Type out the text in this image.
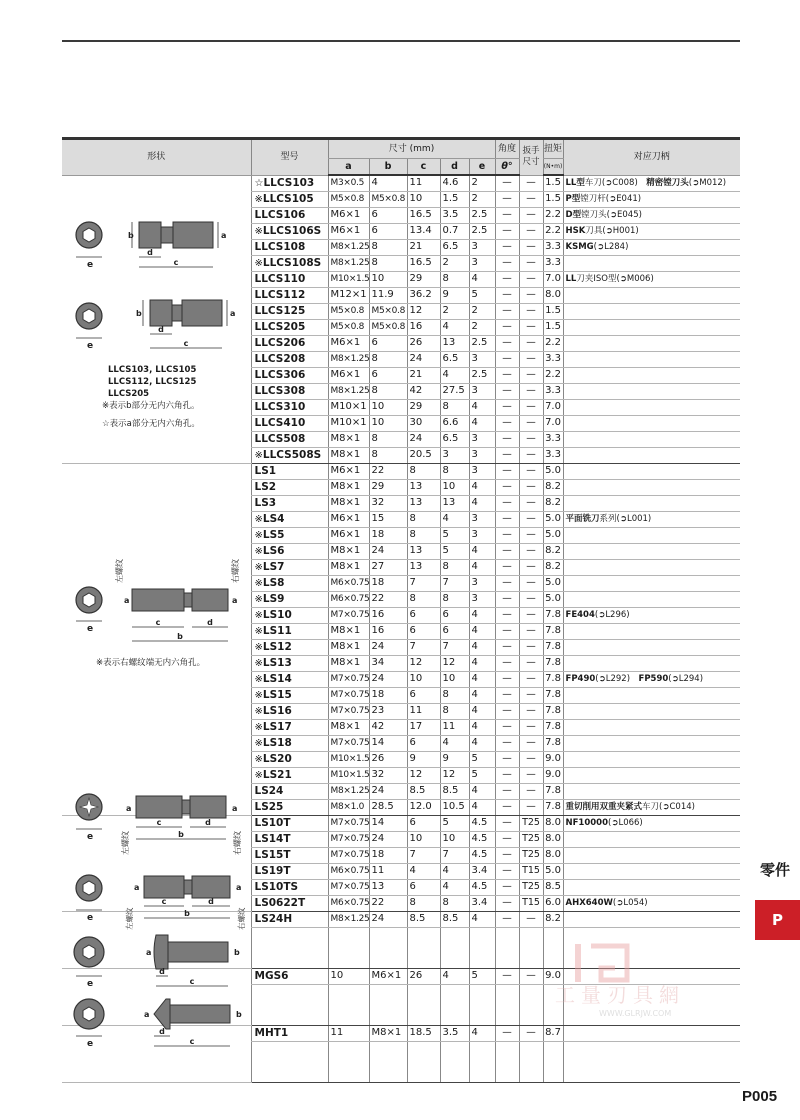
形状	型号	尺寸 (mm)					角度	扳手尺寸	扭矩	对应刀柄
		a	b	c	d	e	θ°		(N•m)	
	☆LLCS103	M3×0.5	4	11	4.6	2	—	—	1.5	LL型车刀(➲C008)　精密镗刀头(➲M012)
	※LLCS105	M5×0.8	M5×0.8	10	1.5	2	—	—	1.5	P型镗刀杆(➲E041)
	LLCS106	M6×1	6	16.5	3.5	2.5	—	—	2.2	D型镗刀头(➲E045)
	※LLCS106S	M6×1	6	13.4	0.7	2.5	—	—	2.2	HSK刀具(➲H001)
	LLCS108	M8×1.25	8	21	6.5	3	—	—	3.3	KSMG(➲L284)
	※LLCS108S	M8×1.25	8	16.5	2	3	—	—	3.3	
	LLCS110	M10×1.5	10	29	8	4	—	—	7.0	LL刀夹ISO型(➲M006)
	LLCS112	M12×1	11.9	36.2	9	5	—	—	8.0	
	LLCS125	M5×0.8	M5×0.8	12	2	2	—	—	1.5	
	LLCS205	M5×0.8	M5×0.8	16	4	2	—	—	1.5	
	LLCS206	M6×1	6	26	13	2.5	—	—	2.2	
	LLCS208	M8×1.25	8	24	6.5	3	—	—	3.3	
	LLCS306	M6×1	6	21	4	2.5	—	—	2.2	
	LLCS308	M8×1.25	8	42	27.5	3	—	—	3.3	
	LLCS310	M10×1	10	29	8	4	—	—	7.0	
	LLCS410	M10×1	10	30	6.6	4	—	—	7.0	
	LLCS508	M8×1	8	24	6.5	3	—	—	3.3	
	※LLCS508S	M8×1	8	20.5	3	3	—	—	3.3	
	LS1	M6×1	22	8	8	3	—	—	5.0	
	LS2	M8×1	29	13	10	4	—	—	8.2	
	LS3	M8×1	32	13	13	4	—	—	8.2	
	※LS4	M6×1	15	8	4	3	—	—	5.0	平面铣刀系列(➲L001)
	※LS5	M6×1	18	8	5	3	—	—	5.0	
	※LS6	M8×1	24	13	5	4	—	—	8.2	
	※LS7	M8×1	27	13	8	4	—	—	8.2	
	※LS8	M6×0.75	18	7	7	3	—	—	5.0	
	※LS9	M6×0.75	22	8	8	3	—	—	5.0	
	※LS10	M7×0.75	16	6	6	4	—	—	7.8	FE404(➲L296)
	※LS11	M8×1	16	6	6	4	—	—	7.8	
	※LS12	M8×1	24	7	7	4	—	—	7.8	
	※LS13	M8×1	34	12	12	4	—	—	7.8	
	※LS14	M7×0.75	24	10	10	4	—	—	7.8	FP490(➲L292)　FP590(➲L294)
	※LS15	M7×0.75	18	6	8	4	—	—	7.8	
	※LS16	M7×0.75	23	11	8	4	—	—	7.8	
	※LS17	M8×1	42	17	11	4	—	—	7.8	
	※LS18	M7×0.75	14	6	4	4	—	—	7.8	
	※LS20	M10×1.5	26	9	9	5	—	—	9.0	
	※LS21	M10×1.5	32	12	12	5	—	—	9.0	
	LS24	M8×1.25	24	8.5	8.5	4	—	—	7.8	
	LS25	M8×1.0	28.5	12.0	10.5	4	—	—	7.8	重切削用双重夹紧式车刀(➲C014)
	LS10T	M7×0.75	14	6	5	4.5	—	T25	8.0	NF10000(➲L066)
	LS14T	M7×0.75	24	10	10	4.5	—	T25	8.0	
	LS15T	M7×0.75	18	7	7	4.5	—	T25	8.0	
	LS19T	M6×0.75	11	4	4	3.4	—	T15	5.0	
	LS10TS	M7×0.75	13	6	4	4.5	—	T25	8.5	
	LS0622T	M6×0.75	22	8	8	3.4	—	T15	6.0	AHX640W(➲L054)
	LS24H	M8×1.25	24	8.5	8.5	4	—	—	8.2	

	MGS6	10	M6×1	26	4	5	—	—	9.0	

	MHT1	11	M8×1	18.5	3.5	4	—	—	8.7	

e
b	a
d
c
e
b	a
d
c
LLCS103, LLCS105
LLCS112, LLCS125
LLCS205
※表示b部分无内六角孔。
☆表示a部分无内六角孔。
e
左螺纹	右螺纹
a	a
c	d
b
※表示右螺纹端无内六角孔。
e
a	a
c	d
b
左螺纹	右螺纹
e
a	a
c	d
b
左螺纹	右螺纹
e
a	b
d
c
e
a	b
d
c
零件
P
工量刃具網
WWW.GLRJW.COM
P005
